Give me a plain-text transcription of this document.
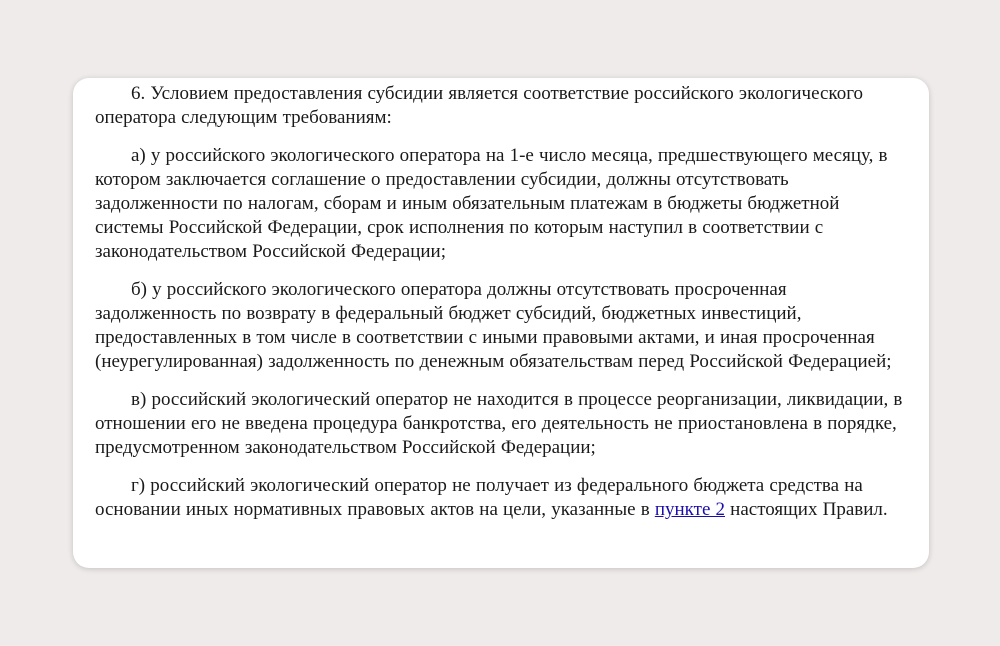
6. Условием предоставления субсидии является соответствие российского экологического оператора следующим требованиям:

а) у российского экологического оператора на 1-е число месяца, предшествующего месяцу, в котором заключается соглашение о предоставлении субсидии, должны отсутствовать задолженности по налогам, сборам и иным обязательным платежам в бюджеты бюджетной системы Российской Федерации, срок исполнения по которым наступил в соответствии с законодательством Российской Федерации;

б) у российского экологического оператора должны отсутствовать просроченная задолженность по возврату в федеральный бюджет субсидий, бюджетных инвестиций, предоставленных в том числе в соответствии с иными правовыми актами, и иная просроченная (неурегулированная) задолженность по денежным обязательствам перед Российской Федерацией;

в) российский экологический оператор не находится в процессе реорганизации, ликвидации, в отношении его не введена процедура банкротства, его деятельность не приостановлена в порядке, предусмотренном законодательством Российской Федерации;

г) российский экологический оператор не получает из федерального бюджета средства на основании иных нормативных правовых актов на цели, указанные в пункте 2 настоящих Правил.
